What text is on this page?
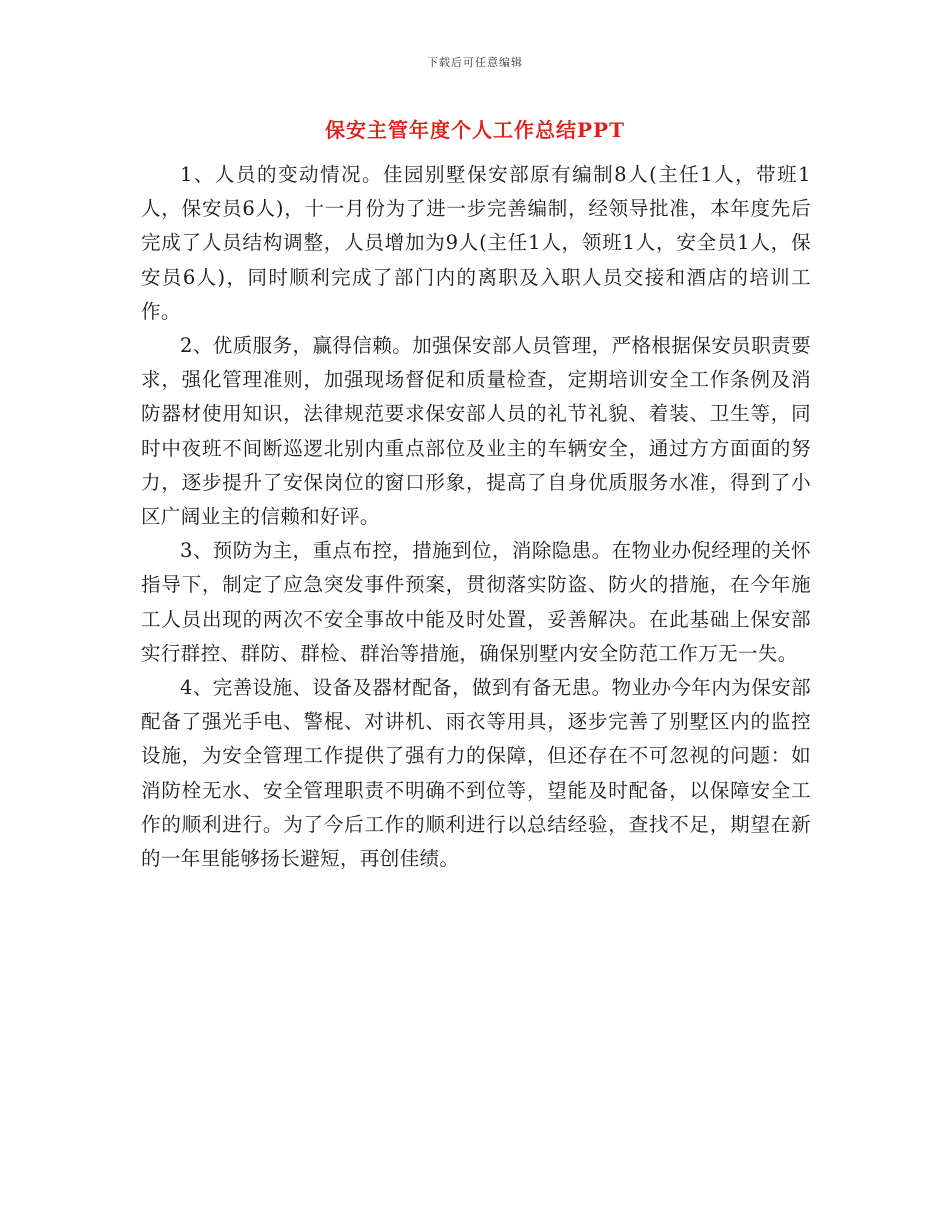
下载后可任意编辑
保安主管年度个人工作总结PPT

1、人员的变动情况。佳园别墅保安部原有编制8人(主任1人，带班1人，保安员6人)，十一月份为了进一步完善编制，经领导批准，本年度先后完成了人员结构调整，人员增加为9人(主任1人，领班1人，安全员1人，保安员6人)，同时顺利完成了部门内的离职及入职人员交接和酒店的培训工作。

2、优质服务，赢得信赖。加强保安部人员管理，严格根据保安员职责要求，强化管理准则，加强现场督促和质量检查，定期培训安全工作条例及消防器材使用知识，法律规范要求保安部人员的礼节礼貌、着装、卫生等，同时中夜班不间断巡逻北别内重点部位及业主的车辆安全，通过方方面面的努力，逐步提升了安保岗位的窗口形象，提高了自身优质服务水准，得到了小区广阔业主的信赖和好评。

3、预防为主，重点布控，措施到位，消除隐患。在物业办倪经理的关怀指导下，制定了应急突发事件预案，贯彻落实防盗、防火的措施，在今年施工人员出现的两次不安全事故中能及时处置，妥善解决。在此基础上保安部实行群控、群防、群检、群治等措施，确保别墅内安全防范工作万无一失。

4、完善设施、设备及器材配备，做到有备无患。物业办今年内为保安部配备了强光手电、警棍、对讲机、雨衣等用具，逐步完善了别墅区内的监控设施，为安全管理工作提供了强有力的保障，但还存在不可忽视的问题：如消防栓无水、安全管理职责不明确不到位等，望能及时配备，以保障安全工作的顺利进行。为了今后工作的顺利进行以总结经验，查找不足，期望在新的一年里能够扬长避短，再创佳绩。
